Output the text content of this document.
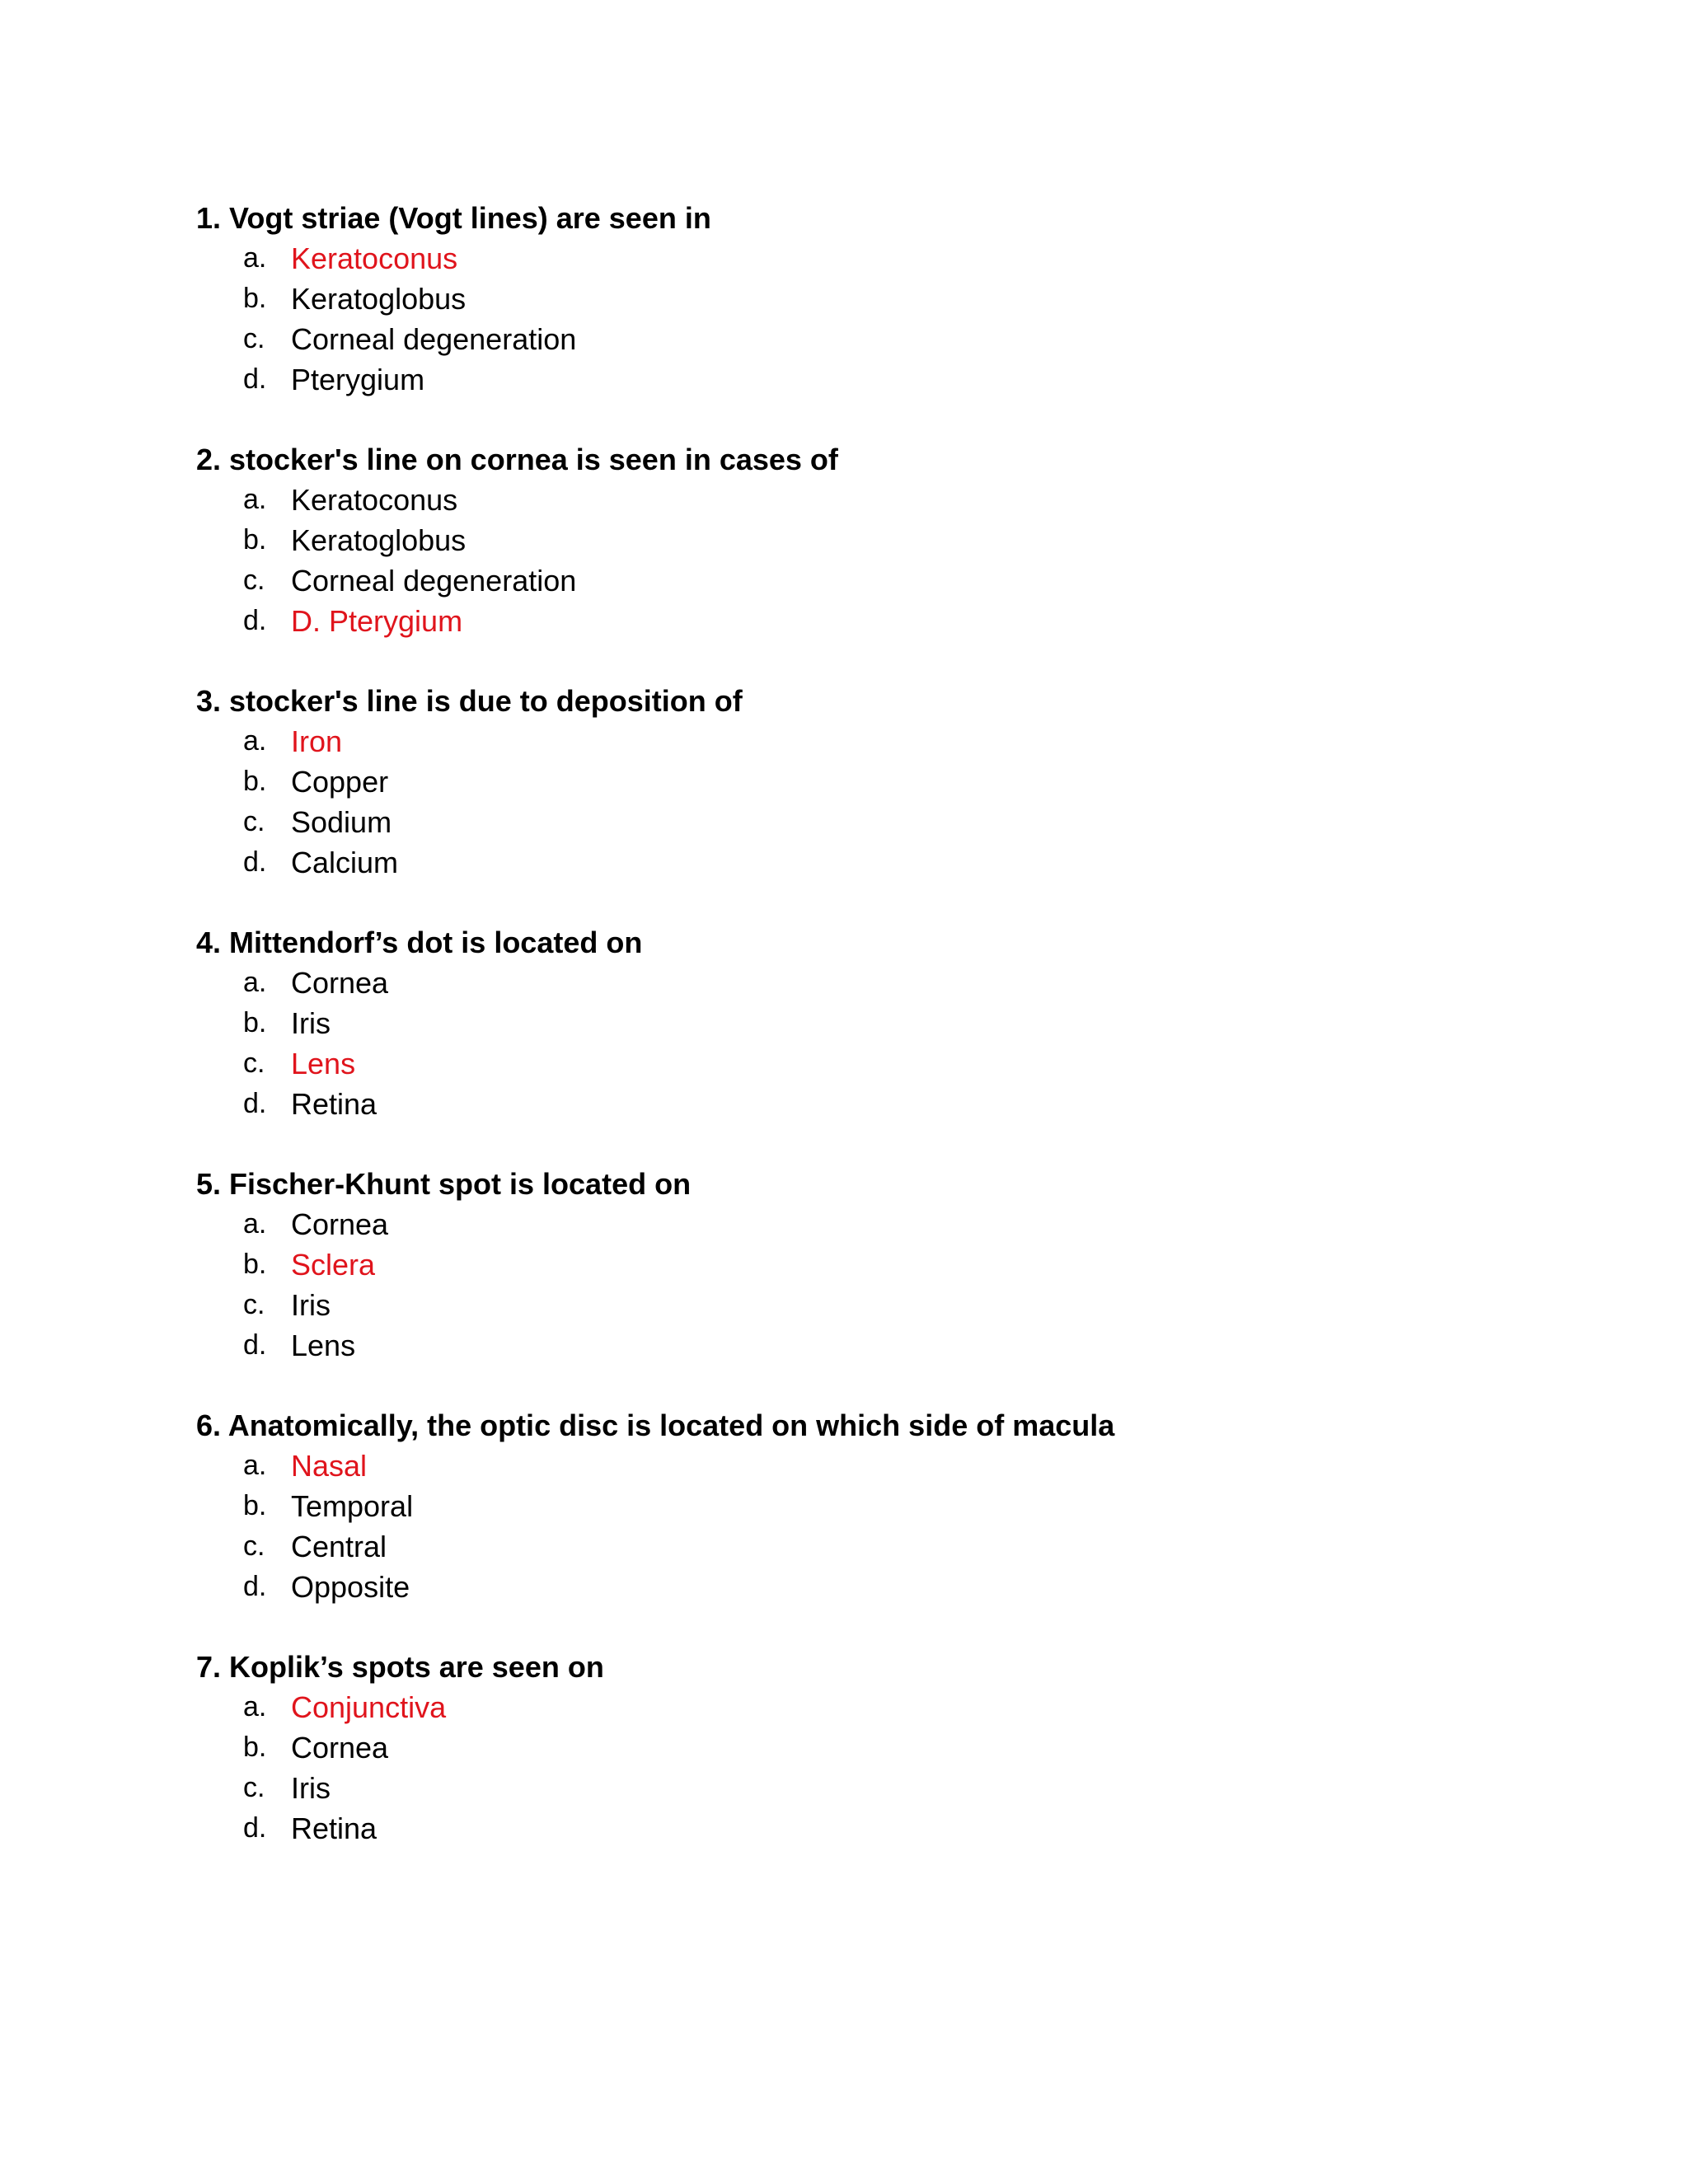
1. Vogt striae (Vogt lines) are seen in
a. Keratoconus
b. Keratoglobus
c. Corneal degeneration
d. Pterygium
2. stocker's line on cornea is seen in cases of
a. Keratoconus
b. Keratoglobus
c. Corneal degeneration
d. D. Pterygium
3. stocker's line is due to deposition of
a. Iron
b. Copper
c. Sodium
d. Calcium
4. Mittendorf’s dot is located on
a. Cornea
b. Iris
c. Lens
d. Retina
5. Fischer-Khunt spot is located on
a. Cornea
b. Sclera
c. Iris
d. Lens
6. Anatomically, the optic disc is located on which side of macula
a. Nasal
b. Temporal
c. Central
d. Opposite
7. Koplik’s spots are seen on
a. Conjunctiva
b. Cornea
c. Iris
d. Retina
